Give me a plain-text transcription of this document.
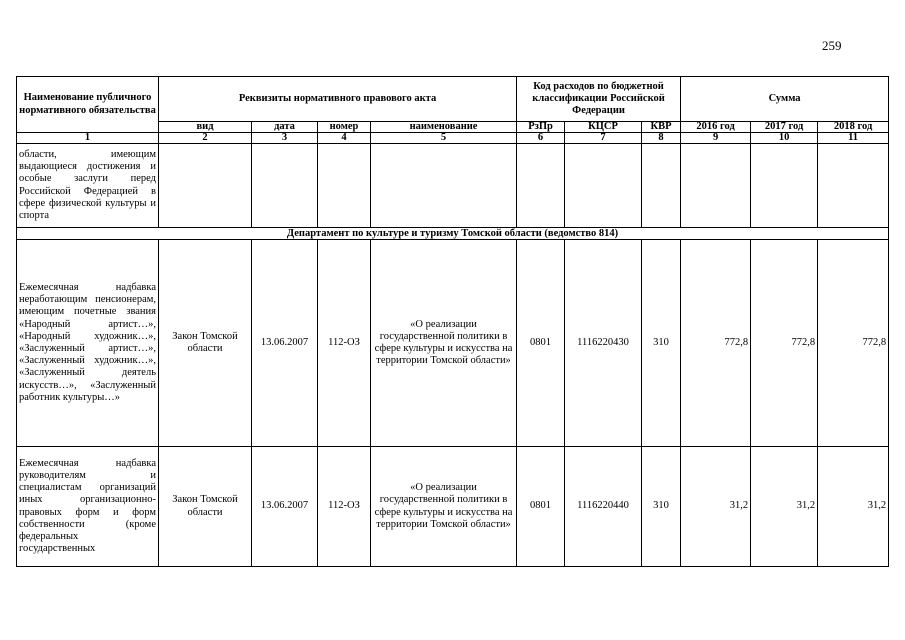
259
Наименование публичного нормативного обязательства	Реквизиты нормативного правового акта				Код расходов по бюджетной классификации Российской Федерации			Сумма		
	вид	дата	номер	наименование	РзПр	КЦСР	КВР	2016 год	2017 год	2018 год
1	2	3	4	5	6	7	8	9	10	11
области, имеющим выдающиеся достижения и особые заслуги перед Российской Федерацией в сфере физической культуры и спорта										
Департамент по культуре и туризму Томской области (ведомство 814)										
Ежемесячная надбавка неработающим пенсионерам, имеющим почетные звания «Народный артист…», «Народный художник…», «Заслуженный артист…», «Заслуженный художник…», «Заслуженный деятель искусств…», «Заслуженный работник культуры…»	Закон Томской области	13.06.2007	112-ОЗ	«О реализации государственной политики в сфере культуры и искусства на территории Томской области»	0801	1116220430	310	772,8	772,8	772,8
Ежемесячная надбавка руководителям и специалистам организаций иных организационно-правовых форм и форм собственности (кроме федеральных государственных	Закон Томской области	13.06.2007	112-ОЗ	«О реализации государственной политики в сфере культуры и искусства на территории Томской области»	0801	1116220440	310	31,2	31,2	31,2
